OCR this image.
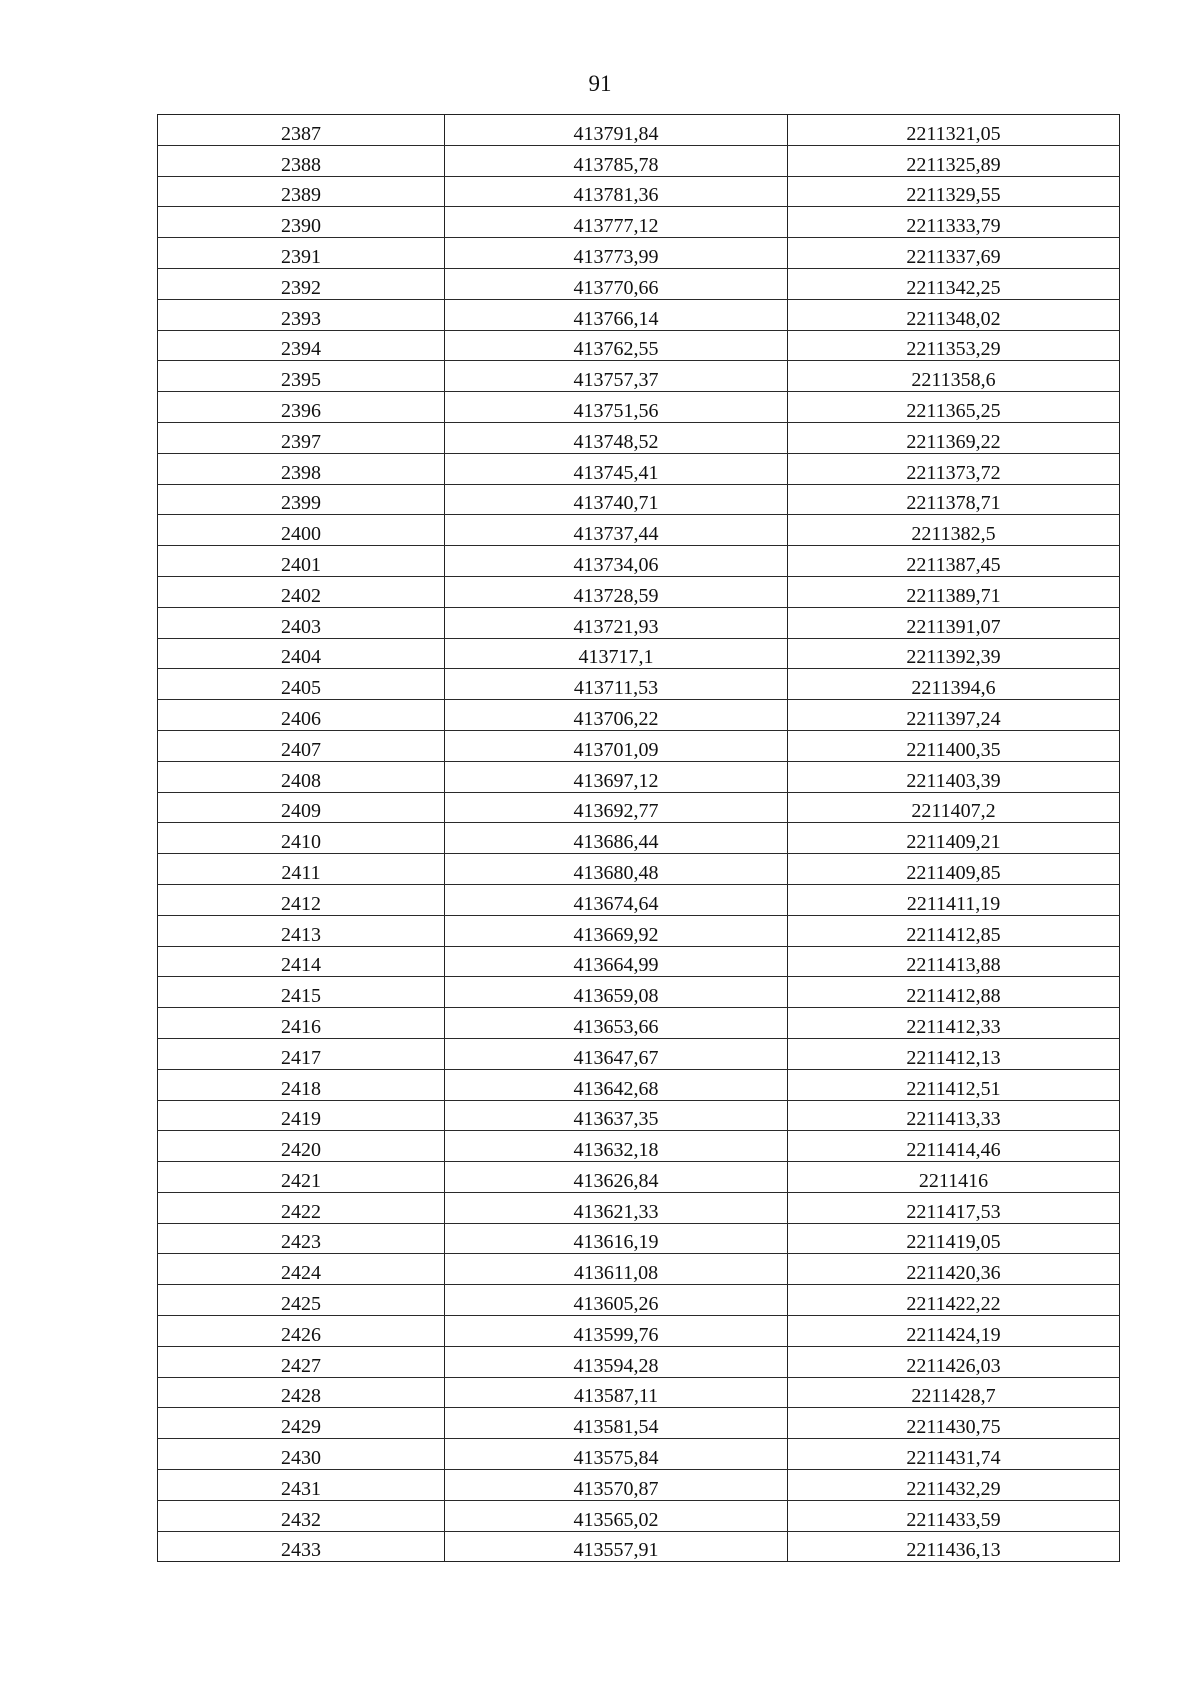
91
2387	413791,84	2211321,05
2388	413785,78	2211325,89
2389	413781,36	2211329,55
2390	413777,12	2211333,79
2391	413773,99	2211337,69
2392	413770,66	2211342,25
2393	413766,14	2211348,02
2394	413762,55	2211353,29
2395	413757,37	2211358,6
2396	413751,56	2211365,25
2397	413748,52	2211369,22
2398	413745,41	2211373,72
2399	413740,71	2211378,71
2400	413737,44	2211382,5
2401	413734,06	2211387,45
2402	413728,59	2211389,71
2403	413721,93	2211391,07
2404	413717,1	2211392,39
2405	413711,53	2211394,6
2406	413706,22	2211397,24
2407	413701,09	2211400,35
2408	413697,12	2211403,39
2409	413692,77	2211407,2
2410	413686,44	2211409,21
2411	413680,48	2211409,85
2412	413674,64	2211411,19
2413	413669,92	2211412,85
2414	413664,99	2211413,88
2415	413659,08	2211412,88
2416	413653,66	2211412,33
2417	413647,67	2211412,13
2418	413642,68	2211412,51
2419	413637,35	2211413,33
2420	413632,18	2211414,46
2421	413626,84	2211416
2422	413621,33	2211417,53
2423	413616,19	2211419,05
2424	413611,08	2211420,36
2425	413605,26	2211422,22
2426	413599,76	2211424,19
2427	413594,28	2211426,03
2428	413587,11	2211428,7
2429	413581,54	2211430,75
2430	413575,84	2211431,74
2431	413570,87	2211432,29
2432	413565,02	2211433,59
2433	413557,91	2211436,13
